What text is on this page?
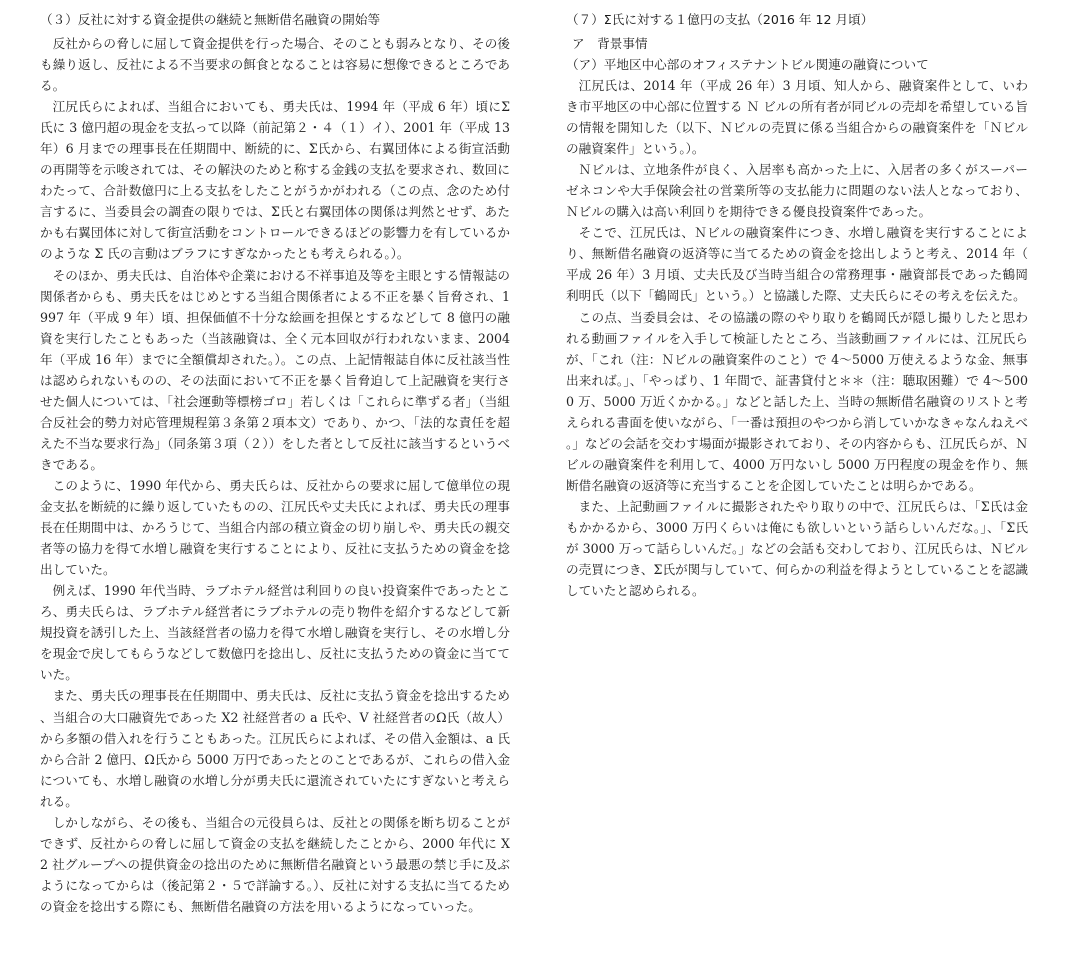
（３）反社に対する資金提供の継続と無断借名融資の開始等

反社からの脅しに屈して資金提供を行った場合、そのことも弱みとなり、その後も繰り返し、反社による不当要求の餌食となることは容易に想像できるところである。

江尻氏らによれば、当組合においても、勇夫氏は、1994 年（平成 6 年）頃にΣ氏に 3 億円超の現金を支払って以降（前記第２・４（１）イ）、2001 年（平成 13 年）6 月までの理事長在任期間中、断続的に、Σ氏から、右翼団体による街宣活動の再開等を示唆されては、その解決のためと称する金銭の支払を要求され、数回にわたって、合計数億円に上る支払をしたことがうかがわれる（この点、念のため付言するに、当委員会の調査の限りでは、Σ氏と右翼団体の関係は判然とせず、あたかも右翼団体に対して街宣活動をコントロールできるほどの影響力を有しているかのような Σ 氏の言動はブラフにすぎなかったとも考えられる。）。

そのほか、勇夫氏は、自治体や企業における不祥事追及等を主眼とする情報誌の関係者からも、勇夫氏をはじめとする当組合関係者による不正を暴く旨脅され、1997 年（平成 9 年）頃、担保価値不十分な絵画を担保とするなどして 8 億円の融資を実行したこともあった（当該融資は、全く元本回収が行われないまま、2004 年（平成 16 年）までに全額償却された。）。この点、上記情報誌自体に反社該当性は認められないものの、その法面において不正を暴く旨脅迫して上記融資を実行させた個人については、「社会運動等標榜ゴロ」若しくは「これらに準ずる者」（当組合反社会的勢力対応管理規程第３条第２項本文）であり、かつ、「法的な責任を超えた不当な要求行為」（同条第３項（２））をした者として反社に該当するというべきである。

このように、1990 年代から、勇夫氏らは、反社からの要求に屈して億単位の現金支払を断続的に繰り返していたものの、江尻氏や丈夫氏によれば、勇夫氏の理事長在任期間中は、かろうじて、当組合内部の積立資金の切り崩しや、勇夫氏の親交者等の協力を得て水増し融資を実行することにより、反社に支払うための資金を捻出していた。

例えば、1990 年代当時、ラブホテル経営は利回りの良い投資案件であったところ、勇夫氏らは、ラブホテル経営者にラブホテルの売り物件を紹介するなどして新規投資を誘引した上、当該経営者の協力を得て水増し融資を実行し、その水増し分を現金で戻してもらうなどして数億円を捻出し、反社に支払うための資金に当てていた。

また、勇夫氏の理事長在任期間中、勇夫氏は、反社に支払う資金を捻出するため、当組合の大口融資先であった X2 社経営者の a 氏や、V 社経営者のΩ氏（故人）から多額の借入れを行うこともあった。江尻氏らによれば、その借入金額は、a 氏から合計 2 億円、Ω氏から 5000 万円であったとのことであるが、これらの借入金についても、水増し融資の水増し分が勇夫氏に還流されていたにすぎないと考えられる。

しかしながら、その後も、当組合の元役員らは、反社との関係を断ち切ることができず、反社からの脅しに屈して資金の支払を継続したことから、2000 年代に X2 社グループへの提供資金の捻出のために無断借名融資という最悪の禁じ手に及ぶようになってからは（後記第２・５で詳論する。）、反社に対する支払に当てるための資金を捻出する際にも、無断借名融資の方法を用いるようになっていった。

（７）Σ氏に対する１億円の支払（2016 年 12 月頃）
ア　背景事情
（ア）平地区中心部のオフィステナントビル関連の融資について

江尻氏は、2014 年（平成 26 年）3 月頃、知人から、融資案件として、いわき市平地区の中心部に位置する Ｎ ビルの所有者が同ビルの売却を希望している旨の情報を開知した（以下、Ｎビルの売買に係る当組合からの融資案件を「Ｎビルの融資案件」という。）。

Ｎビルは、立地条件が良く、入居率も高かった上に、入居者の多くがスーパーゼネコンや大手保険会社の営業所等の支払能力に問題のない法人となっており、Ｎビルの購入は高い利回りを期待できる優良投資案件であった。

そこで、江尻氏は、Ｎビルの融資案件につき、水増し融資を実行することにより、無断借名融資の返済等に当てるための資金を捻出しようと考え、2014 年（平成 26 年）3 月頃、丈夫氏及び当時当組合の常務理事・融資部長であった鶴岡利明氏（以下「鶴岡氏」という。）と協議した際、丈夫氏らにその考えを伝えた。

この点、当委員会は、その協議の際のやり取りを鶴岡氏が隠し撮りしたと思われる動画ファイルを入手して検証したところ、当該動画ファイルには、江尻氏らが、「これ（注：Ｎビルの融資案件のこと）で 4～5000 万使えるような金、無事出来れば。」、「やっぱり、1 年間で、証書貸付と＊＊（注：聴取困難）で 4～5000 万、5000 万近くかかる。」などと話した上、当時の無断借名融資のリストと考えられる書面を使いながら、「一番は預担のやつから消していかなきゃなんねえべ。」などの会話を交わす場面が撮影されており、その内容からも、江尻氏らが、Ｎビルの融資案件を利用して、4000 万円ないし 5000 万円程度の現金を作り、無断借名融資の返済等に充当することを企図していたことは明らかである。

また、上記動画ファイルに撮影されたやり取りの中で、江尻氏らは、「Σ氏は金もかかるから、3000 万円くらいは俺にも欲しいという話らしいんだな。」、「Σ氏が 3000 万って話らしいんだ。」などの会話も交わしており、江尻氏らは、Ｎビルの売買につき、Σ氏が関与していて、何らかの利益を得ようとしていることを認識していたと認められる。
